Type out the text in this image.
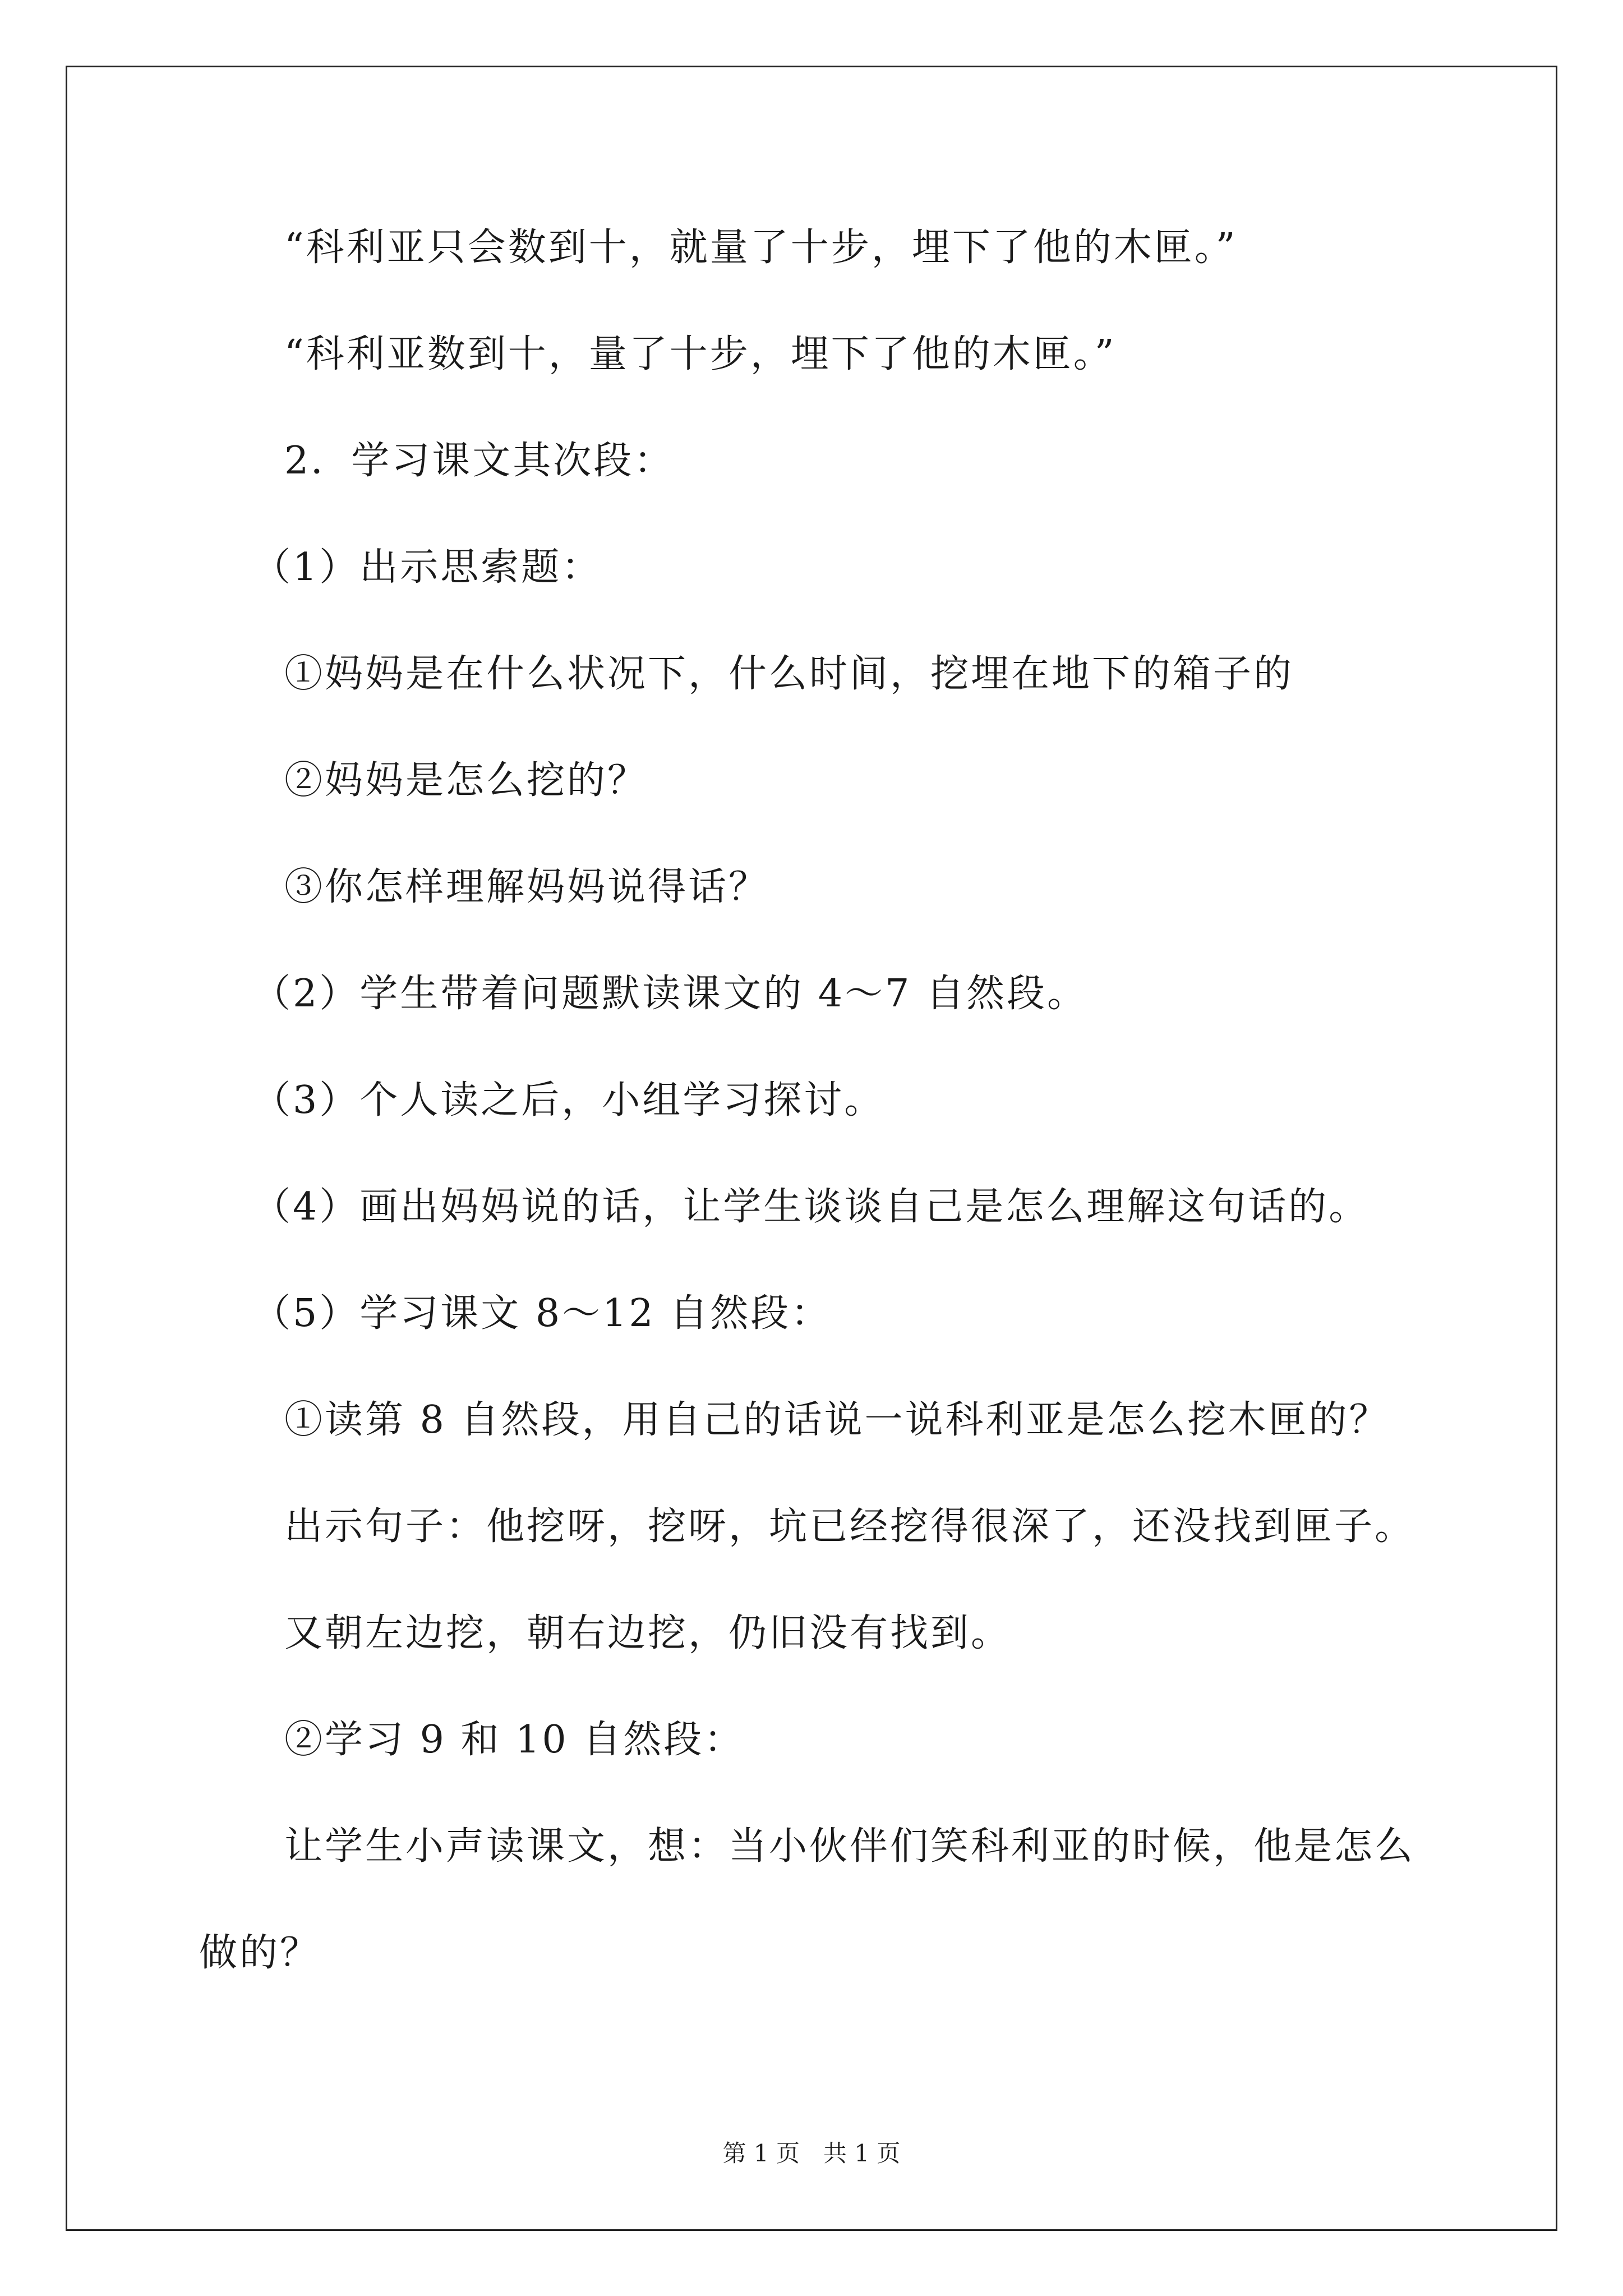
“科利亚只会数到十，就量了十步，埋下了他的木匣。”
“科利亚数到十，量了十步，埋下了他的木匣。”
2．学习课文其次段：
（1）出示思索题：
①妈妈是在什么状况下，什么时间，挖埋在地下的箱子的
②妈妈是怎么挖的？
③你怎样理解妈妈说得话？
（2）学生带着问题默读课文的 4～7 自然段。
（3）个人读之后，小组学习探讨。
（4）画出妈妈说的话，让学生谈谈自己是怎么理解这句话的。
（5）学习课文 8～12 自然段：
①读第 8 自然段，用自己的话说一说科利亚是怎么挖木匣的？
出示句子：他挖呀，挖呀，坑已经挖得很深了，还没找到匣子。
又朝左边挖，朝右边挖，仍旧没有找到。
②学习 9 和 10 自然段：
让学生小声读课文，想：当小伙伴们笑科利亚的时候，他是怎么
做的？
第 1 页　共 1 页
